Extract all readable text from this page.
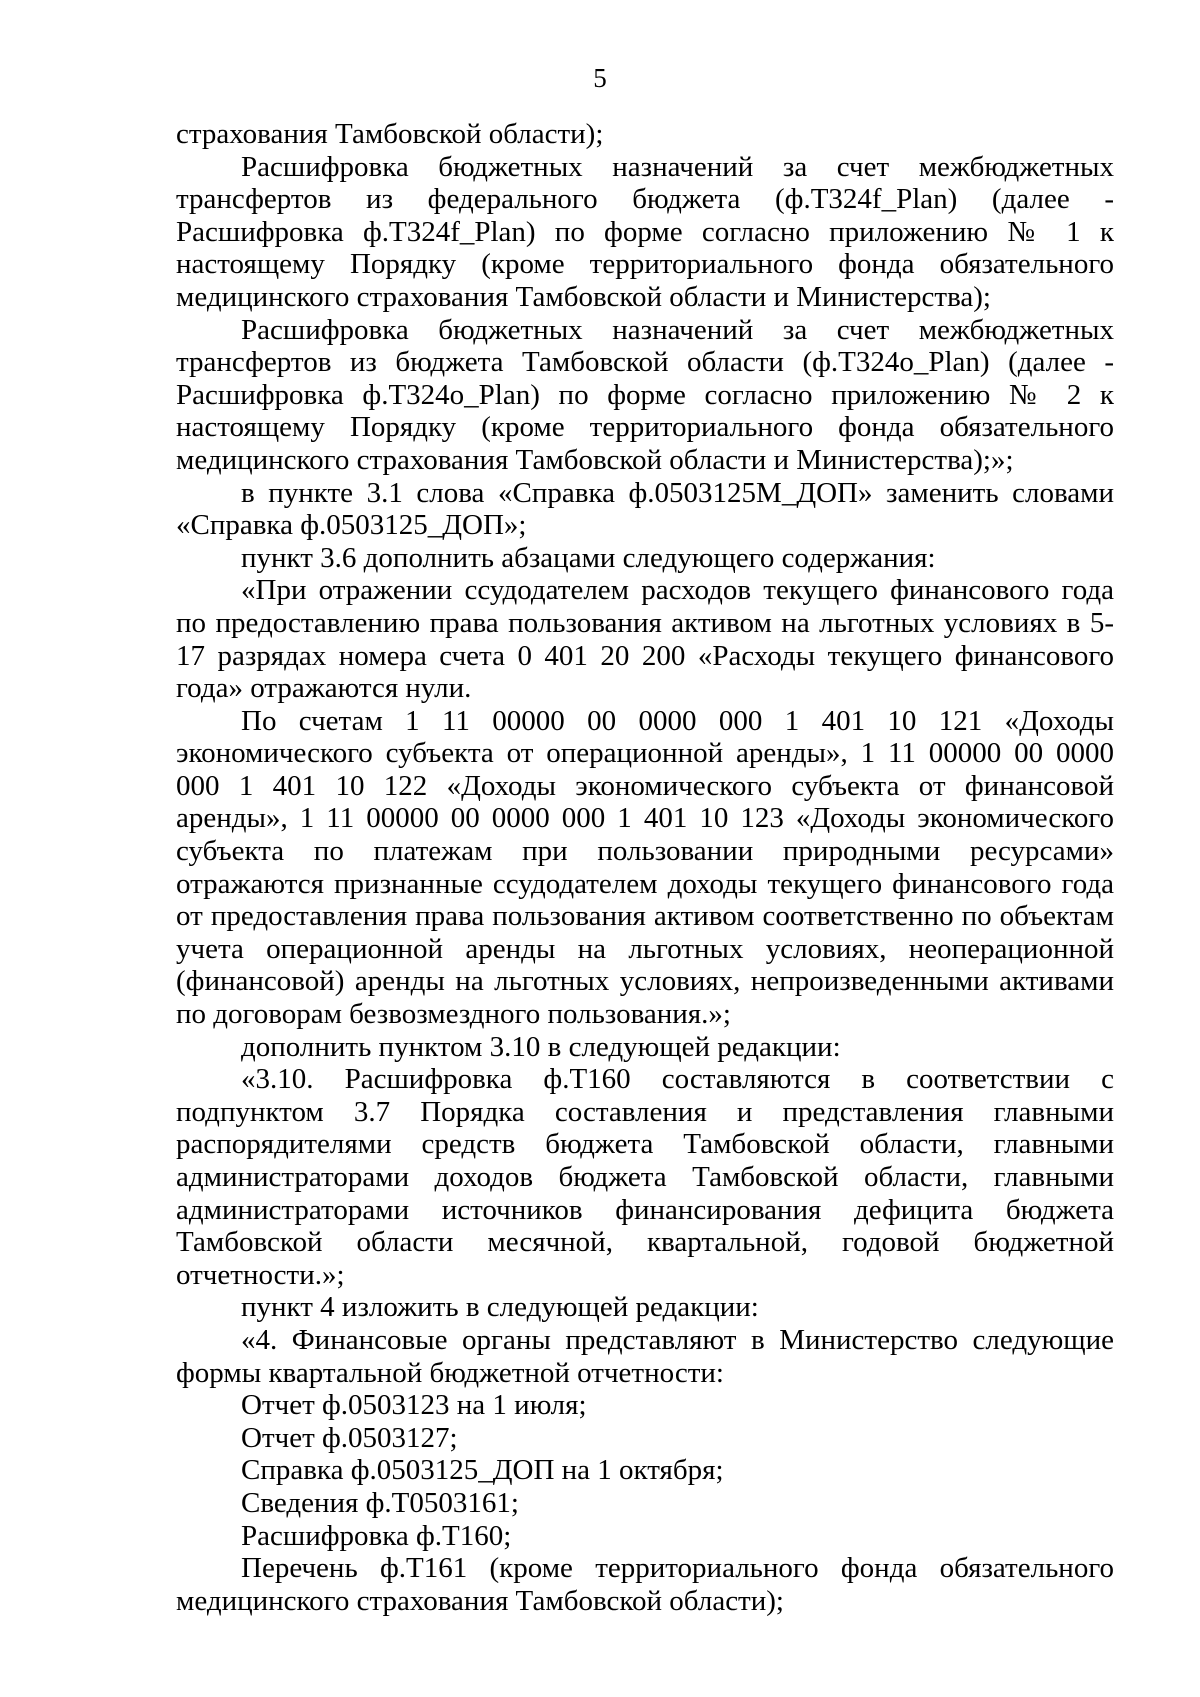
5

страхования Тамбовской области);

Расшифровка бюджетных назначений за счет межбюджетных трансфертов из федерального бюджета (ф.Т324f_Plan) (далее - Расшифровка ф.Т324f_Plan) по форме согласно приложению № 1 к настоящему Порядку (кроме территориального фонда обязательного медицинского страхования Тамбовской области и Министерства);

Расшифровка бюджетных назначений за счет межбюджетных трансфертов из бюджета Тамбовской области (ф.Т324о_Plan) (далее - Расшифровка ф.Т324о_Plan) по форме согласно приложению № 2 к настоящему Порядку (кроме территориального фонда обязательного медицинского страхования Тамбовской области и Министерства);»;

в пункте 3.1 слова «Справка ф.0503125М_ДОП» заменить словами «Справка ф.0503125_ДОП»;

пункт 3.6 дополнить абзацами следующего содержания:

«При отражении ссудодателем расходов текущего финансового года по предоставлению права пользования активом на льготных условиях в 5-17 разрядах номера счета 0 401 20 200 «Расходы текущего финансового года» отражаются нули.

По счетам 1 11 00000 00 0000 000 1 401 10 121 «Доходы экономического субъекта от операционной аренды», 1 11 00000 00 0000 000 1 401 10 122 «Доходы экономического субъекта от финансовой аренды», 1 11 00000 00 0000 000 1 401 10 123 «Доходы экономического субъекта по платежам при пользовании природными ресурсами» отражаются признанные ссудодателем доходы текущего финансового года от предоставления права пользования активом соответственно по объектам учета операционной аренды на льготных условиях, неоперационной (финансовой) аренды на льготных условиях, непроизведенными активами по договорам безвозмездного пользования.»;

дополнить пунктом 3.10 в следующей редакции:

«3.10. Расшифровка ф.Т160 составляются в соответствии с подпунктом 3.7 Порядка составления и представления главными распорядителями средств бюджета Тамбовской области, главными администраторами доходов бюджета Тамбовской области, главными администраторами источников финансирования дефицита бюджета Тамбовской области месячной, квартальной, годовой бюджетной отчетности.»;

пункт 4 изложить в следующей редакции:

«4. Финансовые органы представляют в Министерство следующие формы квартальной бюджетной отчетности:

Отчет ф.0503123 на 1 июля;

Отчет ф.0503127;

Справка ф.0503125_ДОП на 1 октября;

Сведения ф.Т0503161;

Расшифровка ф.Т160;

Перечень ф.Т161 (кроме территориального фонда обязательного медицинского страхования Тамбовской области);
